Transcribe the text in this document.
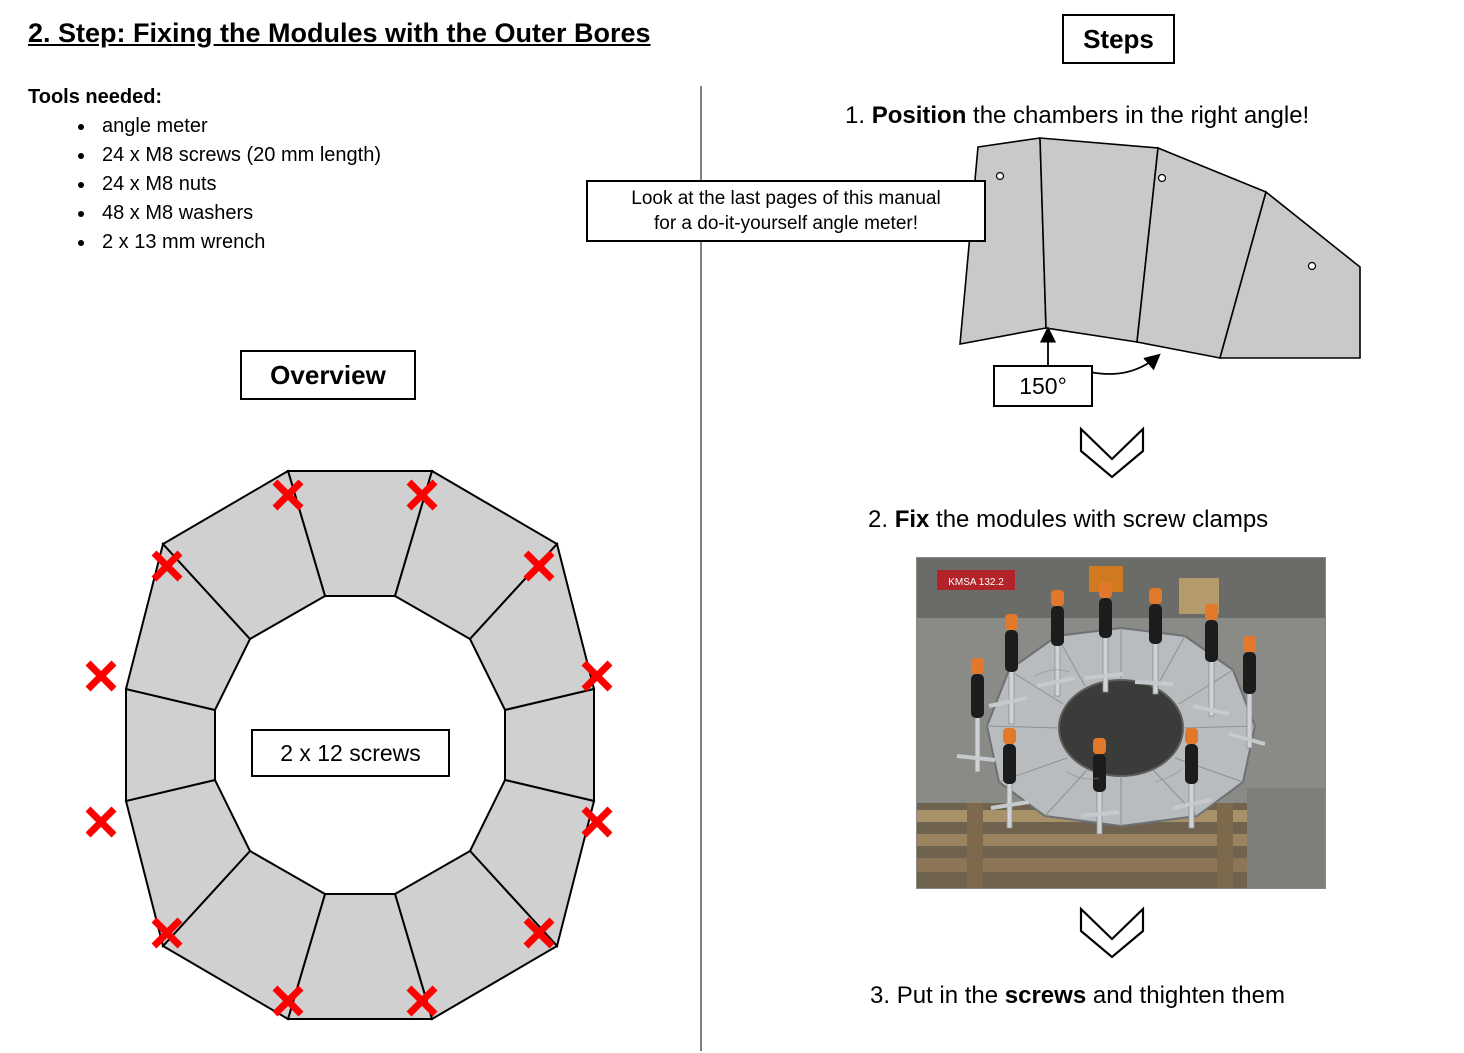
2. Step: Fixing the Modules with the Outer Bores
Tools needed:
• angle meter
• 24 x M8 screws (20 mm length)
• 24 x M8 nuts
• 48 x M8 washers
• 2 x 13 mm wrench
Steps
Overview
2 x 12 screws
1. Position the chambers in the right angle!
150°
Look at the last pages of this manual
for a do-it-yourself angle meter!
2. Fix the modules with screw clamps
KMSA 132.2
3. Put in the screws and thighten them
